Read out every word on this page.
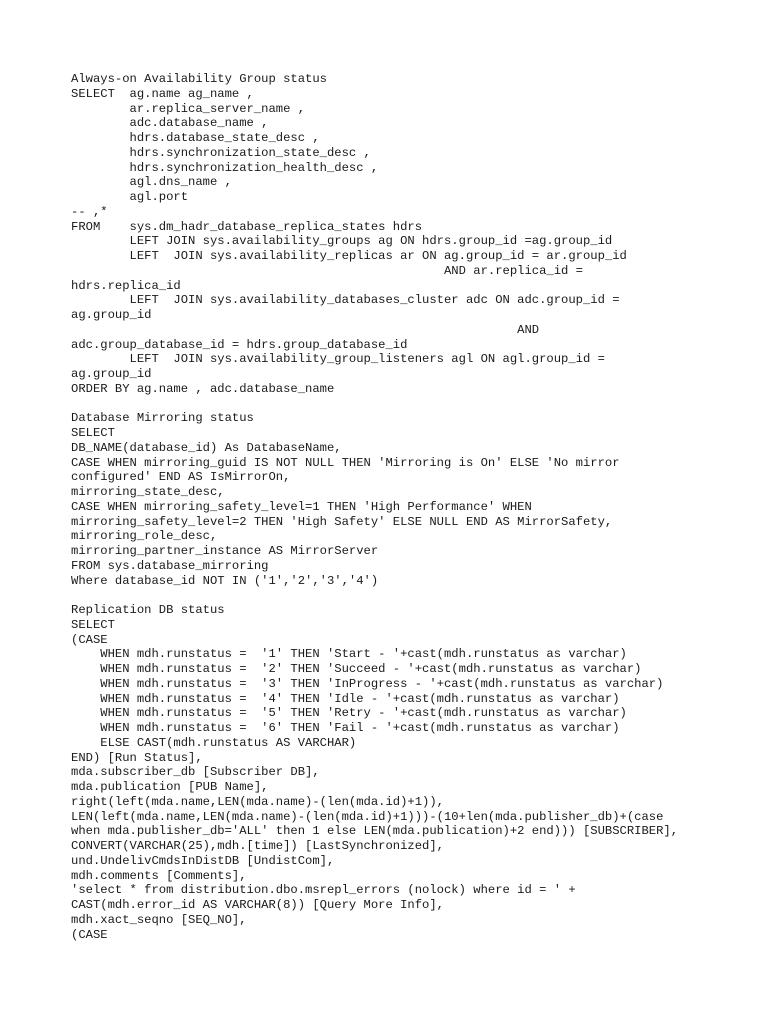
Always-on Availability Group status
SELECT  ag.name ag_name ,
ar.replica_server_name ,
adc.database_name ,
hdrs.database_state_desc ,
hdrs.synchronization_state_desc ,
hdrs.synchronization_health_desc ,
agl.dns_name ,
agl.port
-- ,*
FROM    sys.dm_hadr_database_replica_states hdrs
LEFT JOIN sys.availability_groups ag ON hdrs.group_id =ag.group_id
LEFT  JOIN sys.availability_replicas ar ON ag.group_id = ar.group_id
AND ar.replica_id =
hdrs.replica_id
LEFT  JOIN sys.availability_databases_cluster adc ON adc.group_id =
ag.group_id
AND
adc.group_database_id = hdrs.group_database_id
LEFT  JOIN sys.availability_group_listeners agl ON agl.group_id =
ag.group_id
ORDER BY ag.name , adc.database_name
Database Mirroring status
SELECT
DB_NAME(database_id) As DatabaseName,
CASE WHEN mirroring_guid IS NOT NULL THEN 'Mirroring is On' ELSE 'No mirror
configured' END AS IsMirrorOn,
mirroring_state_desc,
CASE WHEN mirroring_safety_level=1 THEN 'High Performance' WHEN
mirroring_safety_level=2 THEN 'High Safety' ELSE NULL END AS MirrorSafety,
mirroring_role_desc,
mirroring_partner_instance AS MirrorServer
FROM sys.database_mirroring
Where database_id NOT IN ('1','2','3','4')
Replication DB status
SELECT
(CASE
WHEN mdh.runstatus =  '1' THEN 'Start - '+cast(mdh.runstatus as varchar)
WHEN mdh.runstatus =  '2' THEN 'Succeed - '+cast(mdh.runstatus as varchar)
WHEN mdh.runstatus =  '3' THEN 'InProgress - '+cast(mdh.runstatus as varchar)
WHEN mdh.runstatus =  '4' THEN 'Idle - '+cast(mdh.runstatus as varchar)
WHEN mdh.runstatus =  '5' THEN 'Retry - '+cast(mdh.runstatus as varchar)
WHEN mdh.runstatus =  '6' THEN 'Fail - '+cast(mdh.runstatus as varchar)
ELSE CAST(mdh.runstatus AS VARCHAR)
END) [Run Status],
mda.subscriber_db [Subscriber DB],
mda.publication [PUB Name],
right(left(mda.name,LEN(mda.name)-(len(mda.id)+1)),
LEN(left(mda.name,LEN(mda.name)-(len(mda.id)+1)))-(10+len(mda.publisher_db)+(case
when mda.publisher_db='ALL' then 1 else LEN(mda.publication)+2 end))) [SUBSCRIBER],
CONVERT(VARCHAR(25),mdh.[time]) [LastSynchronized],
und.UndelivCmdsInDistDB [UndistCom],
mdh.comments [Comments],
'select * from distribution.dbo.msrepl_errors (nolock) where id = ' +
CAST(mdh.error_id AS VARCHAR(8)) [Query More Info],
mdh.xact_seqno [SEQ_NO],
(CASE
